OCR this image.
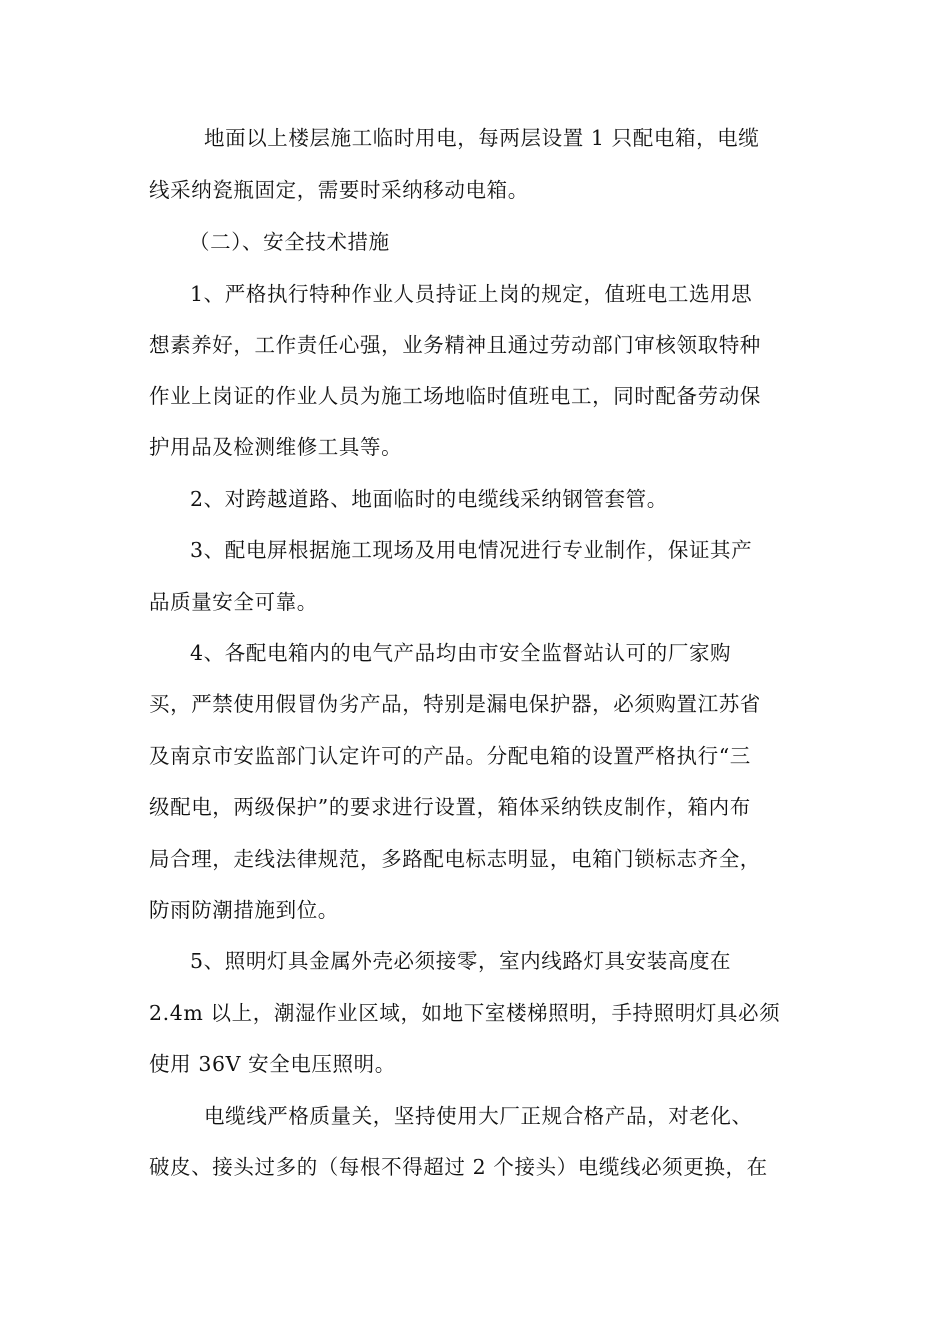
地面以上楼层施工临时用电，每两层设置 1 只配电箱，电缆
线采纳瓷瓶固定，需要时采纳移动电箱。
（二）、安全技术措施
1、严格执行特种作业人员持证上岗的规定，值班电工选用思
想素养好，工作责任心强，业务精神且通过劳动部门审核领取特种
作业上岗证的作业人员为施工场地临时值班电工，同时配备劳动保
护用品及检测维修工具等。
2、对跨越道路、地面临时的电缆线采纳钢管套管。
3、配电屏根据施工现场及用电情况进行专业制作，保证其产
品质量安全可靠。
4、各配电箱内的电气产品均由市安全监督站认可的厂家购
买，严禁使用假冒伪劣产品，特别是漏电保护器，必须购置江苏省
及南京市安监部门认定许可的产品。分配电箱的设置严格执行“三
级配电，两级保护”的要求进行设置，箱体采纳铁皮制作，箱内布
局合理，走线法律规范，多路配电标志明显，电箱门锁标志齐全，
防雨防潮措施到位。
5、照明灯具金属外壳必须接零，室内线路灯具安装高度在
2.4m 以上，潮湿作业区域，如地下室楼梯照明，手持照明灯具必须
使用 36V 安全电压照明。
电缆线严格质量关，坚持使用大厂正规合格产品，对老化、
破皮、接头过多的（每根不得超过 2 个接头）电缆线必须更换，在
